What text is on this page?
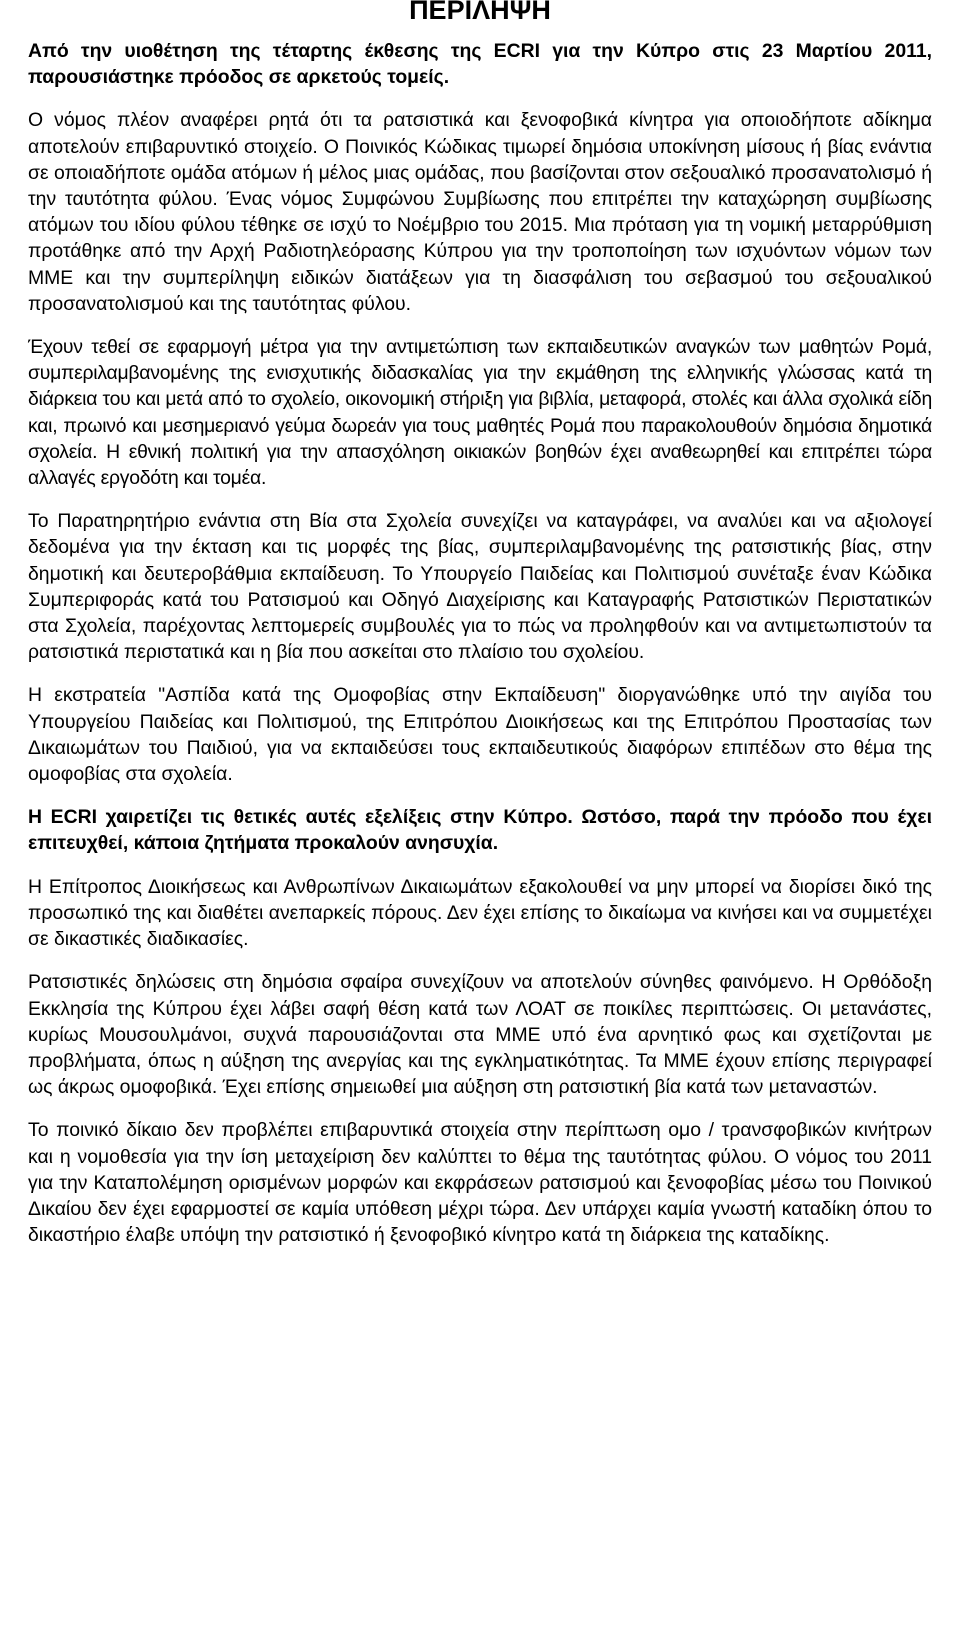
ΠΕΡΙΛΗΨΗ

Από την υιοθέτηση της τέταρτης έκθεσης της ECRI για την Κύπρο στις 23 Μαρτίου 2011, παρουσιάστηκε πρόοδος σε αρκετούς τομείς.

Ο νόμος πλέον αναφέρει ρητά ότι τα ρατσιστικά και ξενοφοβικά κίνητρα για οποιοδήποτε αδίκημα αποτελούν επιβαρυντικό στοιχείο. Ο Ποινικός Κώδικας τιμωρεί δημόσια υποκίνηση μίσους ή βίας ενάντια σε οποιαδήποτε ομάδα ατόμων ή μέλος μιας ομάδας, που βασίζονται στον σεξουαλικό προσανατολισμό ή την ταυτότητα φύλου. Ένας νόμος Συμφώνου Συμβίωσης που επιτρέπει την καταχώρηση συμβίωσης ατόμων του ιδίου φύλου τέθηκε σε ισχύ το Νοέμβριο του 2015. Μια πρόταση για τη νομική μεταρρύθμιση προτάθηκε από την Αρχή Ραδιοτηλεόρασης Κύπρου για την τροποποίηση των ισχυόντων νόμων των ΜΜΕ και την συμπερίληψη ειδικών διατάξεων για τη διασφάλιση του σεβασμού του σεξουαλικού προσανατολισμού και της ταυτότητας φύλου.

Έχουν τεθεί σε εφαρμογή μέτρα για την αντιμετώπιση των εκπαιδευτικών αναγκών των μαθητών Ρομά, συμπεριλαμβανομένης της ενισχυτικής διδασκαλίας για την εκμάθηση της ελληνικής γλώσσας κατά τη διάρκεια του και μετά από το σχολείο, οικονομική στήριξη για βιβλία, μεταφορά, στολές και άλλα σχολικά είδη και, πρωινό και μεσημεριανό γεύμα δωρεάν για τους μαθητές Ρομά που παρακολουθούν δημόσια δημοτικά σχολεία. Η εθνική πολιτική για την απασχόληση οικιακών βοηθών έχει αναθεωρηθεί και επιτρέπει τώρα αλλαγές εργοδότη και τομέα.

Το Παρατηρητήριο ενάντια στη Βία στα Σχολεία συνεχίζει να καταγράφει, να αναλύει και να αξιολογεί δεδομένα για την έκταση και τις μορφές της βίας, συμπεριλαμβανομένης της ρατσιστικής βίας, στην δημοτική και δευτεροβάθμια εκπαίδευση. Το Υπουργείο Παιδείας και Πολιτισμού συνέταξε έναν Κώδικα Συμπεριφοράς κατά του Ρατσισμού και Οδηγό Διαχείρισης και Καταγραφής Ρατσιστικών Περιστατικών στα Σχολεία, παρέχοντας λεπτομερείς συμβουλές για το πώς να προληφθούν και να αντιμετωπιστούν τα ρατσιστικά περιστατικά και η βία που ασκείται στο πλαίσιο του σχολείου.

Η εκστρατεία "Ασπίδα κατά της Ομοφοβίας στην Εκπαίδευση" διοργανώθηκε υπό την αιγίδα του Υπουργείου Παιδείας και Πολιτισμού, της Επιτρόπου Διοικήσεως και της Επιτρόπου Προστασίας των Δικαιωμάτων του Παιδιού, για να εκπαιδεύσει τους εκπαιδευτικούς διαφόρων επιπέδων στο θέμα της ομοφοβίας στα σχολεία.

Η ECRI χαιρετίζει τις θετικές αυτές εξελίξεις στην Κύπρο. Ωστόσο, παρά την πρόοδο που έχει επιτευχθεί, κάποια ζητήματα προκαλούν ανησυχία.

Η Επίτροπος Διοικήσεως και Ανθρωπίνων Δικαιωμάτων εξακολουθεί να μην μπορεί να διορίσει δικό της προσωπικό της και διαθέτει ανεπαρκείς πόρους. Δεν έχει επίσης το δικαίωμα να κινήσει και να συμμετέχει σε δικαστικές διαδικασίες.

Ρατσιστικές δηλώσεις στη δημόσια σφαίρα συνεχίζουν να αποτελούν σύνηθες φαινόμενο. Η Ορθόδοξη Εκκλησία της Κύπρου έχει λάβει σαφή θέση κατά των ΛΟΑΤ σε ποικίλες περιπτώσεις. Οι μετανάστες, κυρίως Μουσουλμάνοι, συχνά παρουσιάζονται στα ΜΜΕ υπό ένα αρνητικό φως και σχετίζονται με προβλήματα, όπως η αύξηση της ανεργίας και της εγκληματικότητας. Τα ΜΜΕ έχουν επίσης περιγραφεί ως άκρως ομοφοβικά. Έχει επίσης σημειωθεί μια αύξηση στη ρατσιστική βία κατά των μεταναστών.

Το ποινικό δίκαιο δεν προβλέπει επιβαρυντικά στοιχεία στην περίπτωση ομο / τρανσφοβικών κινήτρων και η νομοθεσία για την ίση μεταχείριση δεν καλύπτει το θέμα της ταυτότητας φύλου. Ο νόμος του 2011 για την Καταπολέμηση ορισμένων μορφών και εκφράσεων ρατσισμού και ξενοφοβίας μέσω του Ποινικού Δικαίου δεν έχει εφαρμοστεί σε καμία υπόθεση μέχρι τώρα. Δεν υπάρχει καμία γνωστή καταδίκη όπου το δικαστήριο έλαβε υπόψη την ρατσιστικό ή ξενοφοβικό κίνητρο κατά τη διάρκεια της καταδίκης.
